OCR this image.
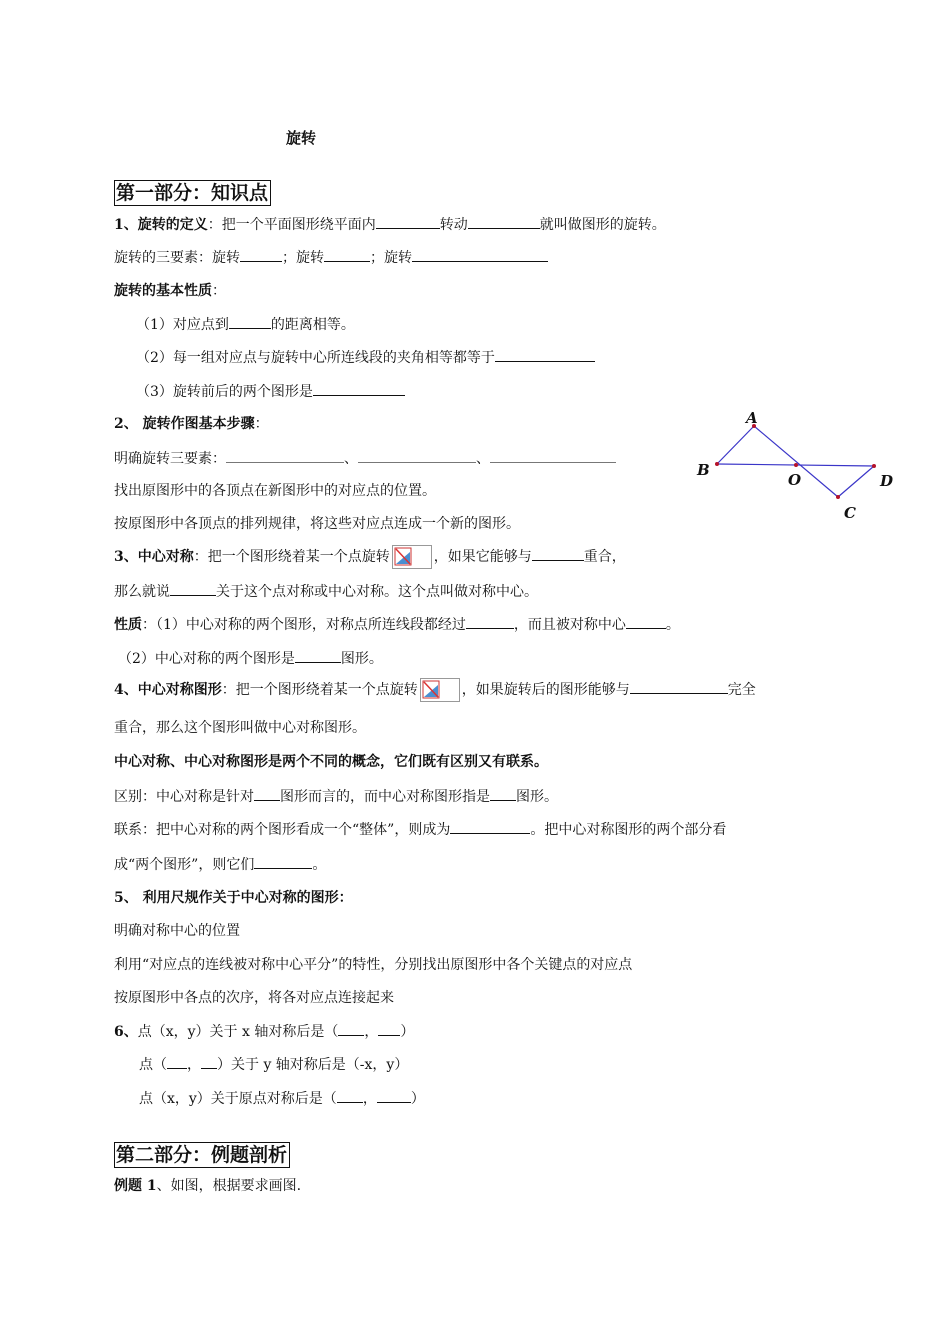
旋转
第一部分：知识点
1、旋转的定义：把一个平面图形绕平面内	转动	就叫做图形的旋转。
旋转的三要素：旋转	；旋转	；旋转
旋转的基本性质：
（1）对应点到	的距离相等。
（2）每一组对应点与旋转中心所连线段的夹角相等都等于
（3）旋转前后的两个图形是
2、 旋转作图基本步骤：
明确旋转三要素：	、	、
找出原图形中的各顶点在新图形中的对应点的位置。
按原图形中各顶点的排列规律，将这些对应点连成一个新的图形。
3、中心对称：把一个图形绕着某一个点旋转	，如果它能够与	重合，
那么就说	关于这个点对称或中心对称。这个点叫做对称中心。
性质：（1）中心对称的两个图形，对称点所连线段都经过	，而且被对称中心	。
（2）中心对称的两个图形是	图形。
4、中心对称图形：把一个图形绕着某一个点旋转	，如果旋转后的图形能够与	完全
重合，那么这个图形叫做中心对称图形。
中心对称、中心对称图形是两个不同的概念，它们既有区别又有联系。
区别：中心对称是针对 图形而言的，而中心对称图形指是 图形。
联系：把中心对称的两个图形看成一个“整体”，则成为	。把中心对称图形的两个部分看
成“两个图形”，则它们	。
5、 利用尺规作关于中心对称的图形：
明确对称中心的位置
利用“对应点的连线被对称中心平分”的特性，分别找出原图形中各个关键点的对应点
按原图形中各点的次序，将各对应点连接起来
6、点（x，y）关于 x 轴对称后是（ ， ）
点（ ， ）关于 y 轴对称后是（-x，y）
点（x，y）关于原点对称后是（ ， ）
第二部分：例题剖析
例题 1、如图，根据要求画图.
A
B
O
C
D
